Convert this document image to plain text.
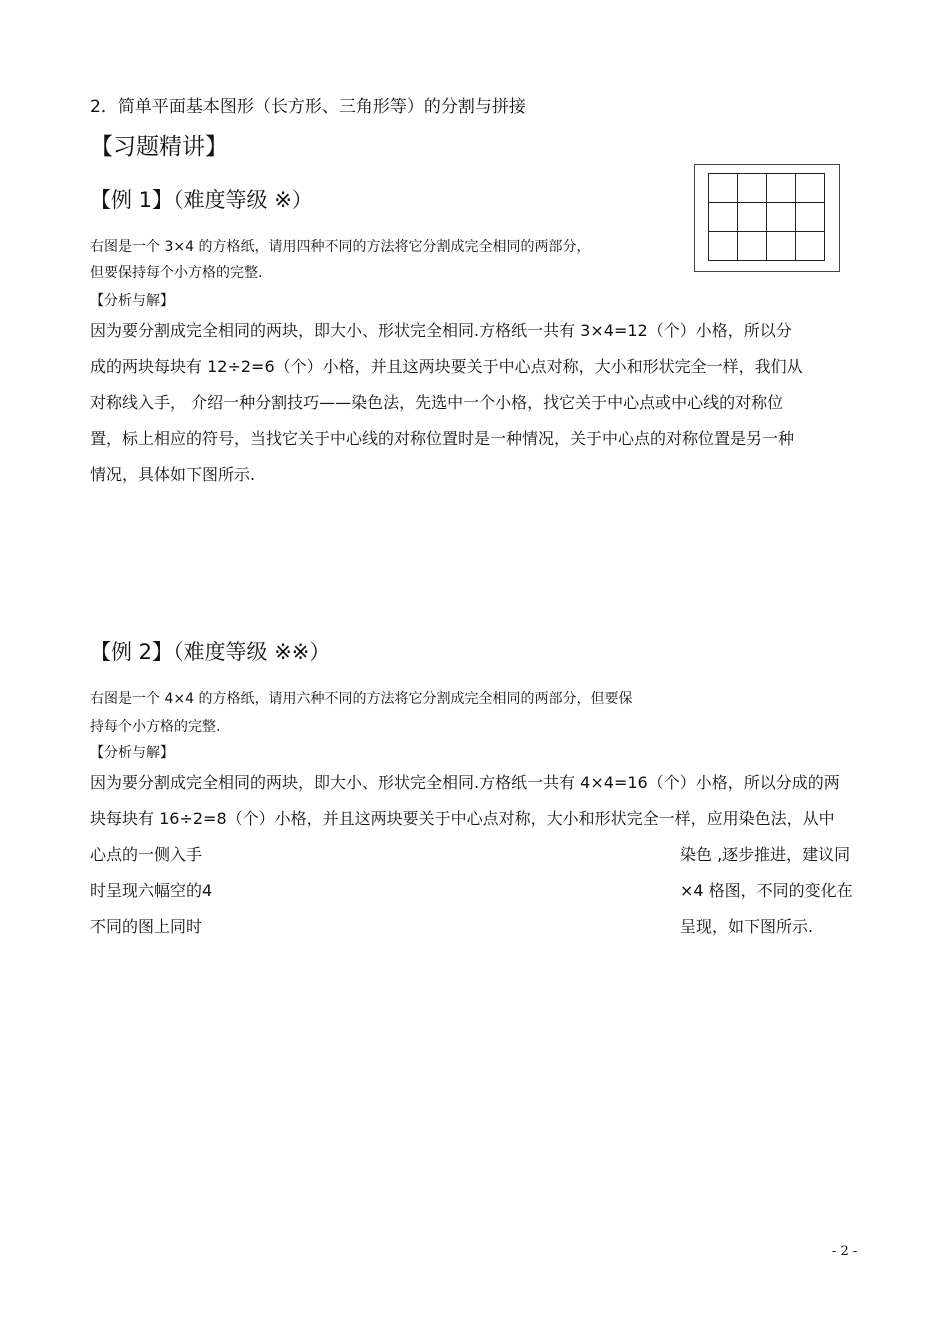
2．简单平面基本图形（长方形、三角形等）的分割与拼接
【习题精讲】
【例 1】（难度等级 ※）

右图是一个 3×4 的方格纸，请用四种不同的方法将它分割成完全相同的两部分，
但要保持每个小方格的完整.
【分析与解】
因为要分割成完全相同的两块，即大小、形状完全相同.方格纸一共有 3×4=12（个）小格，所以分
成的两块每块有 12÷2=6（个）小格，并且这两块要关于中心点对称，大小和形状完全一样，我们从
对称线入手， 介绍一种分割技巧——染色法，先选中一个小格，找它关于中心点或中心线的对称位
置，标上相应的符号，当找它关于中心线的对称位置时是一种情况，关于中心点的对称位置是另一种
情况，具体如下图所示.
【例 2】（难度等级 ※※）
右图是一个 4×4 的方格纸，请用六种不同的方法将它分割成完全相同的两部分，但要保
持每个小方格的完整.
【分析与解】
因为要分割成完全相同的两块，即大小、形状完全相同.方格纸一共有 4×4=16（个）小格，所以分成的两
块每块有 16÷2=8（个）小格，并且这两块要关于中心点对称，大小和形状完全一样，应用染色法，从中
心点的一侧入手
时呈现六幅空的4
不同的图上同时
染色 ,逐步推进，建议同
×4 格图，不同的变化在
呈现，如下图所示.
- 2 -
